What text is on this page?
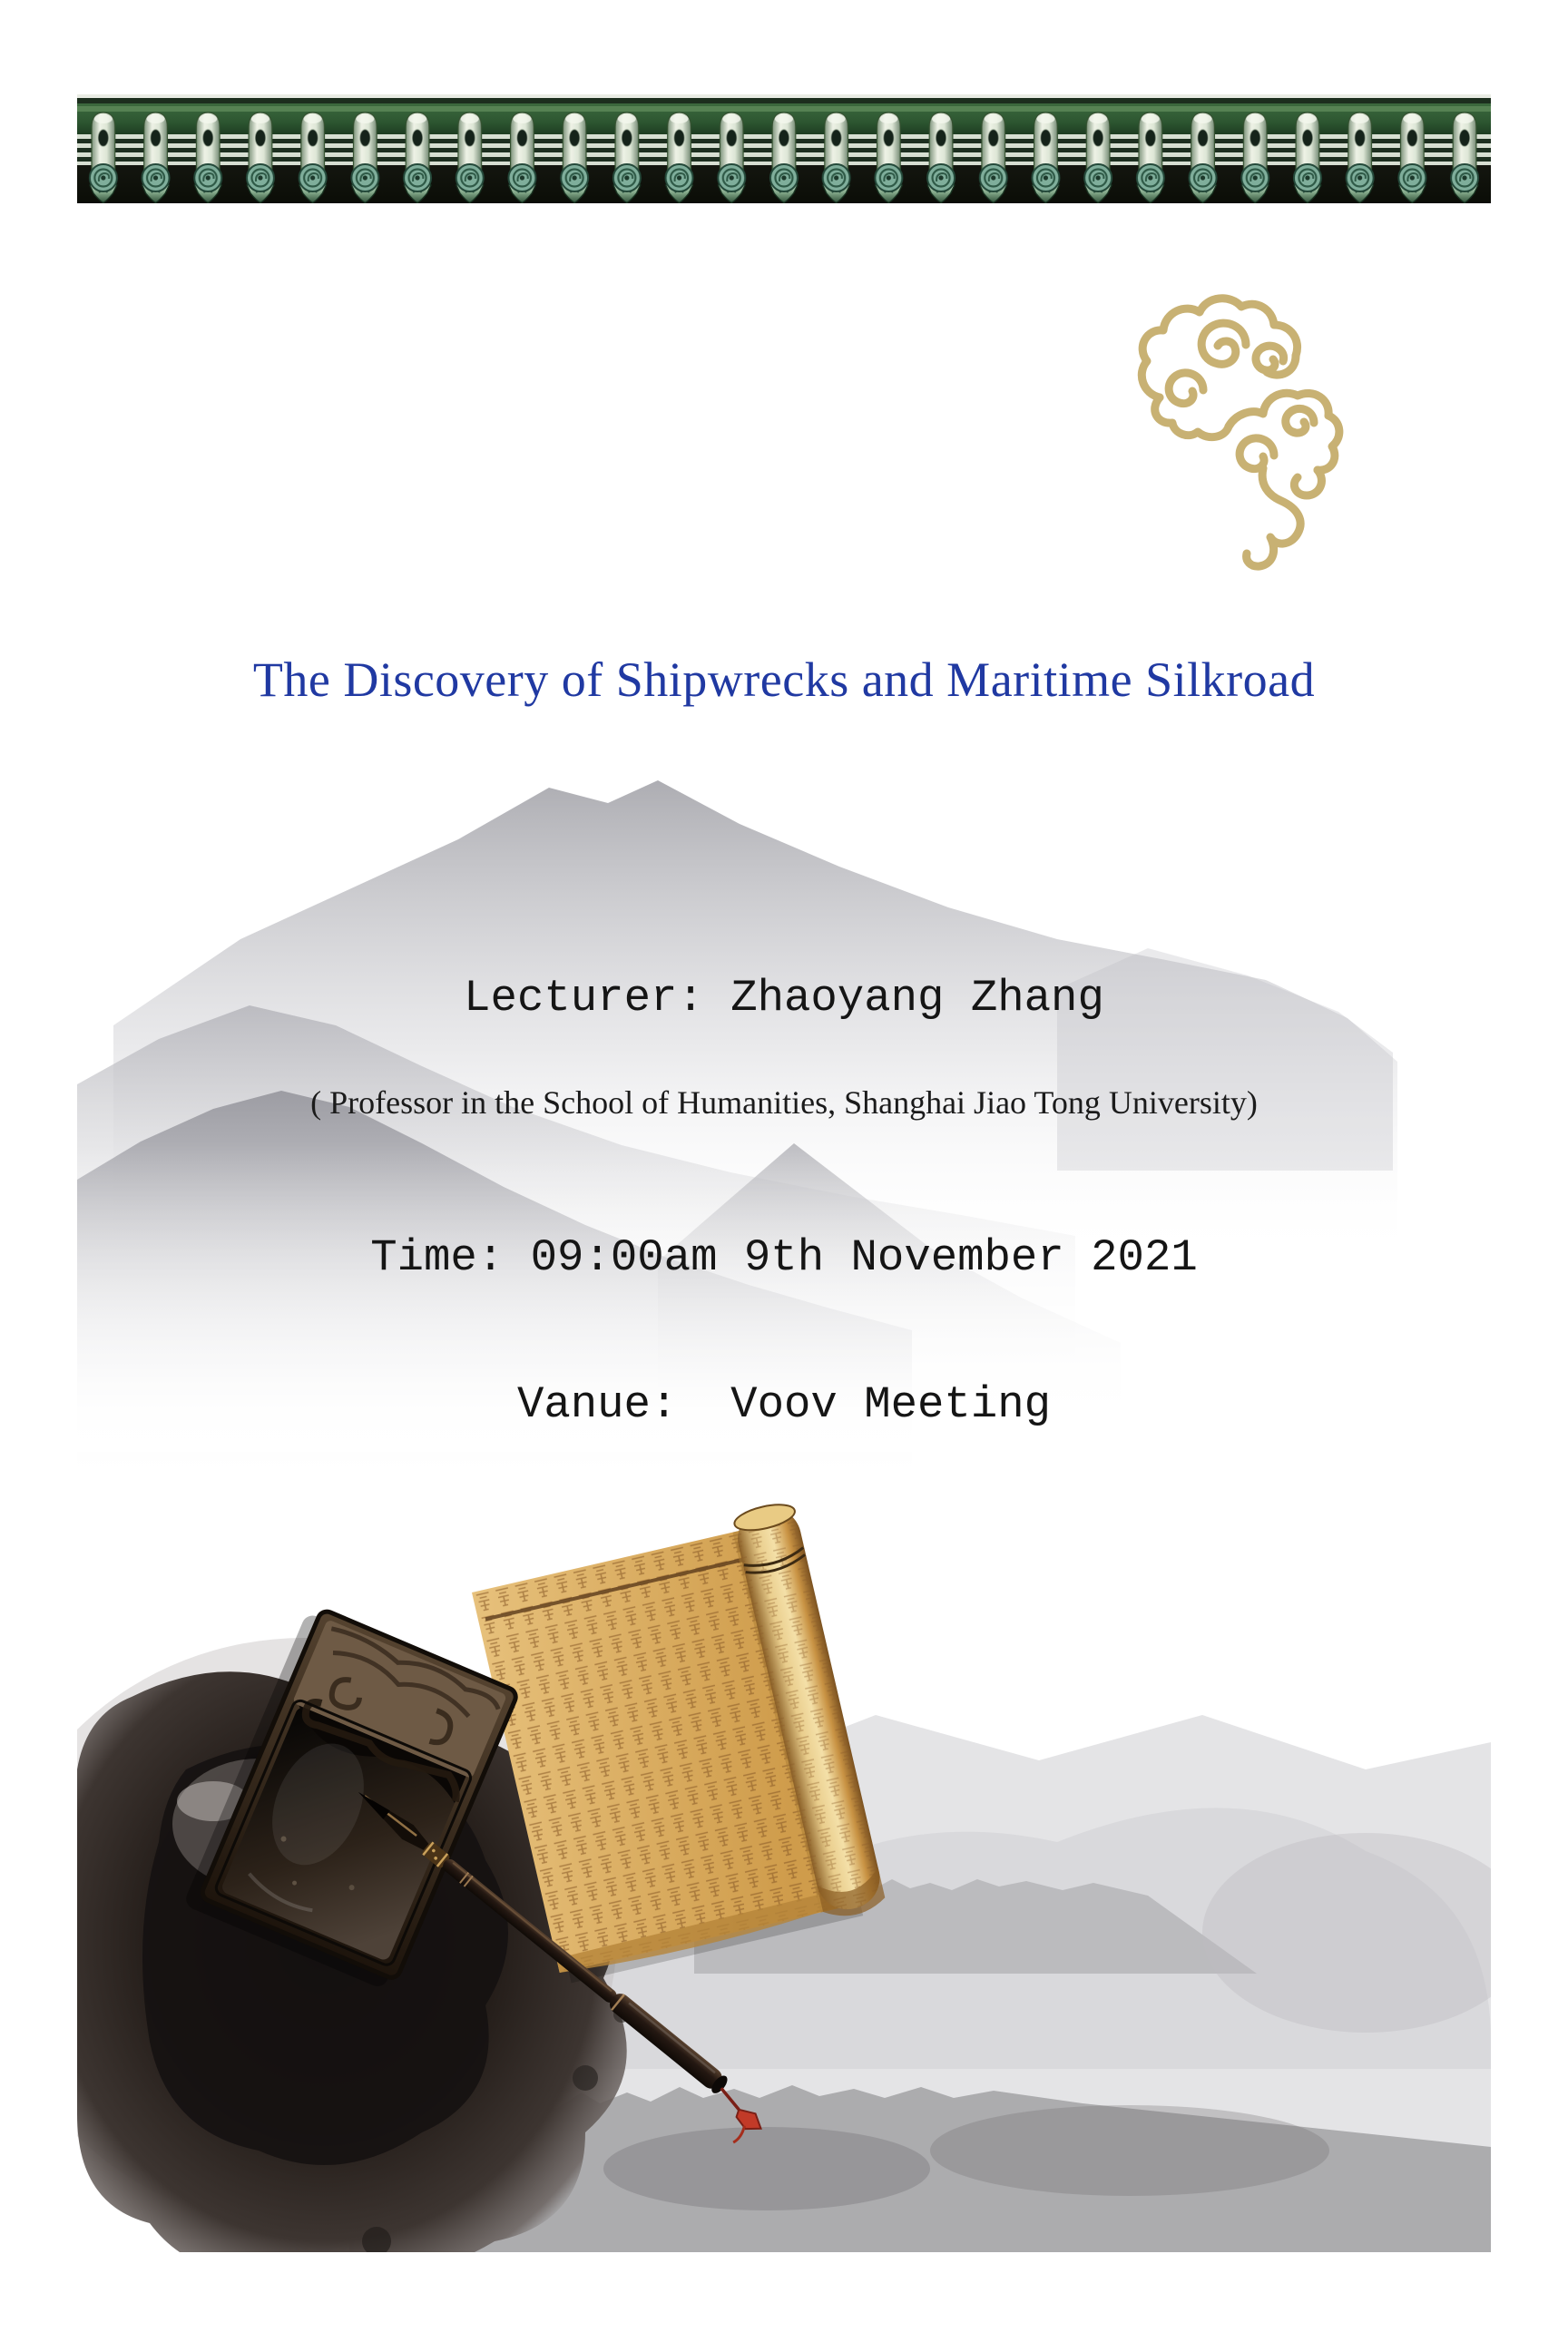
The Discovery of Shipwrecks and Maritime Silkroad
Lecturer: Zhaoyang Zhang
( Professor in the School of Humanities, Shanghai Jiao Tong University)
Time: 09:00am 9th November 2021
Vanue:  Voov Meeting
